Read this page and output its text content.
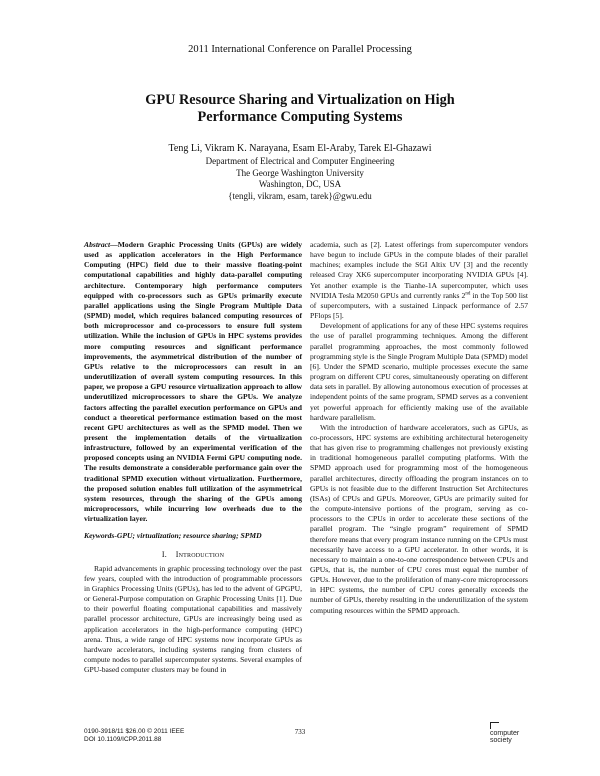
2011 International Conference on Parallel Processing
GPU Resource Sharing and Virtualization on High Performance Computing Systems
Teng Li, Vikram K. Narayana, Esam El-Araby, Tarek El-Ghazawi
Department of Electrical and Computer Engineering
The George Washington University
Washington, DC, USA
{tengli, vikram, esam, tarek}@gwu.edu

Abstract—Modern Graphic Processing Units (GPUs) are widely used as application accelerators in the High Performance Computing (HPC) field due to their massive floating-point computational capabilities and highly data-parallel computing architecture. Contemporary high performance computers equipped with co-processors such as GPUs primarily execute parallel applications using the Single Program Multiple Data (SPMD) model, which requires balanced computing resources of both microprocessor and co-processors to ensure full system utilization. While the inclusion of GPUs in HPC systems provides more computing resources and significant performance improvements, the asymmetrical distribution of the number of GPUs relative to the microprocessors can result in an underutilization of overall system computing resources. In this paper, we propose a GPU resource virtualization approach to allow underutilized microprocessors to share the GPUs. We analyze factors affecting the parallel execution performance on GPUs and conduct a theoretical performance estimation based on the most recent GPU architectures as well as the SPMD model. Then we present the implementation details of the virtualization infrastructure, followed by an experimental verification of the proposed concepts using an NVIDIA Fermi GPU computing node. The results demonstrate a considerable performance gain over the traditional SPMD execution without virtualization. Furthermore, the proposed solution enables full utilization of the asymmetrical system resources, through the sharing of the GPUs among microprocessors, while incurring low overheads due to the virtualization layer.

Keywords-GPU; virtualization; resource sharing; SPMD

I. Introduction

Rapid advancements in graphic processing technology over the past few years, coupled with the introduction of programmable processors in Graphics Processing Units (GPUs), has led to the advent of GPGPU, or General-Purpose computation on Graphic Processing Units [1]. Due to their powerful floating computational capabilities and massively parallel processor architecture, GPUs are increasingly being used as application accelerators in the high-performance computing (HPC) arena. Thus, a wide range of HPC systems now incorporate GPUs as hardware accelerators, including systems ranging from clusters of compute nodes to parallel supercomputer systems. Several examples of GPU-based computer clusters may be found in

academia, such as [2]. Latest offerings from supercomputer vendors have begun to include GPUs in the compute blades of their parallel machines; examples include the SGI Altix UV [3] and the recently released Cray XK6 supercomputer incorporating NVIDIA GPUs [4]. Yet another example is the Tianhe-1A supercomputer, which uses NVIDIA Tesla M2050 GPUs and currently ranks 2nd in the Top 500 list of supercomputers, with a sustained Linpack performance of 2.57 PFlops [5].

Development of applications for any of these HPC systems requires the use of parallel programming techniques. Among the different parallel programming approaches, the most commonly followed programming style is the Single Program Multiple Data (SPMD) model [6]. Under the SPMD scenario, multiple processes execute the same program on different CPU cores, simultaneously operating on different data sets in parallel. By allowing autonomous execution of processes at independent points of the same program, SPMD serves as a convenient yet powerful approach for efficiently making use of the available hardware parallelism.

With the introduction of hardware accelerators, such as GPUs, as co-processors, HPC systems are exhibiting architectural heterogeneity that has given rise to programming challenges not previously existing in traditional homogeneous parallel computing platforms. With the SPMD approach used for programming most of the homogeneous parallel architectures, directly offloading the program instances on to GPUs is not feasible due to the different Instruction Set Architectures (ISAs) of CPUs and GPUs. Moreover, GPUs are primarily suited for the compute-intensive portions of the program, serving as co-processors to the CPUs in order to accelerate these sections of the parallel program. The “single program” requirement of SPMD therefore means that every program instance running on the CPUs must necessarily have access to a GPU accelerator. In other words, it is necessary to maintain a one-to-one correspondence between CPUs and GPUs, that is, the number of CPU cores must equal the number of GPUs. However, due to the proliferation of many-core microprocessors in HPC systems, the number of CPU cores generally exceeds the number of GPUs, thereby resulting in the underutilization of the system computing resources within the SPMD approach.

0190-3918/11 $26.00 © 2011 IEEE
DOI 10.1109/ICPP.2011.88
733	computer
society
